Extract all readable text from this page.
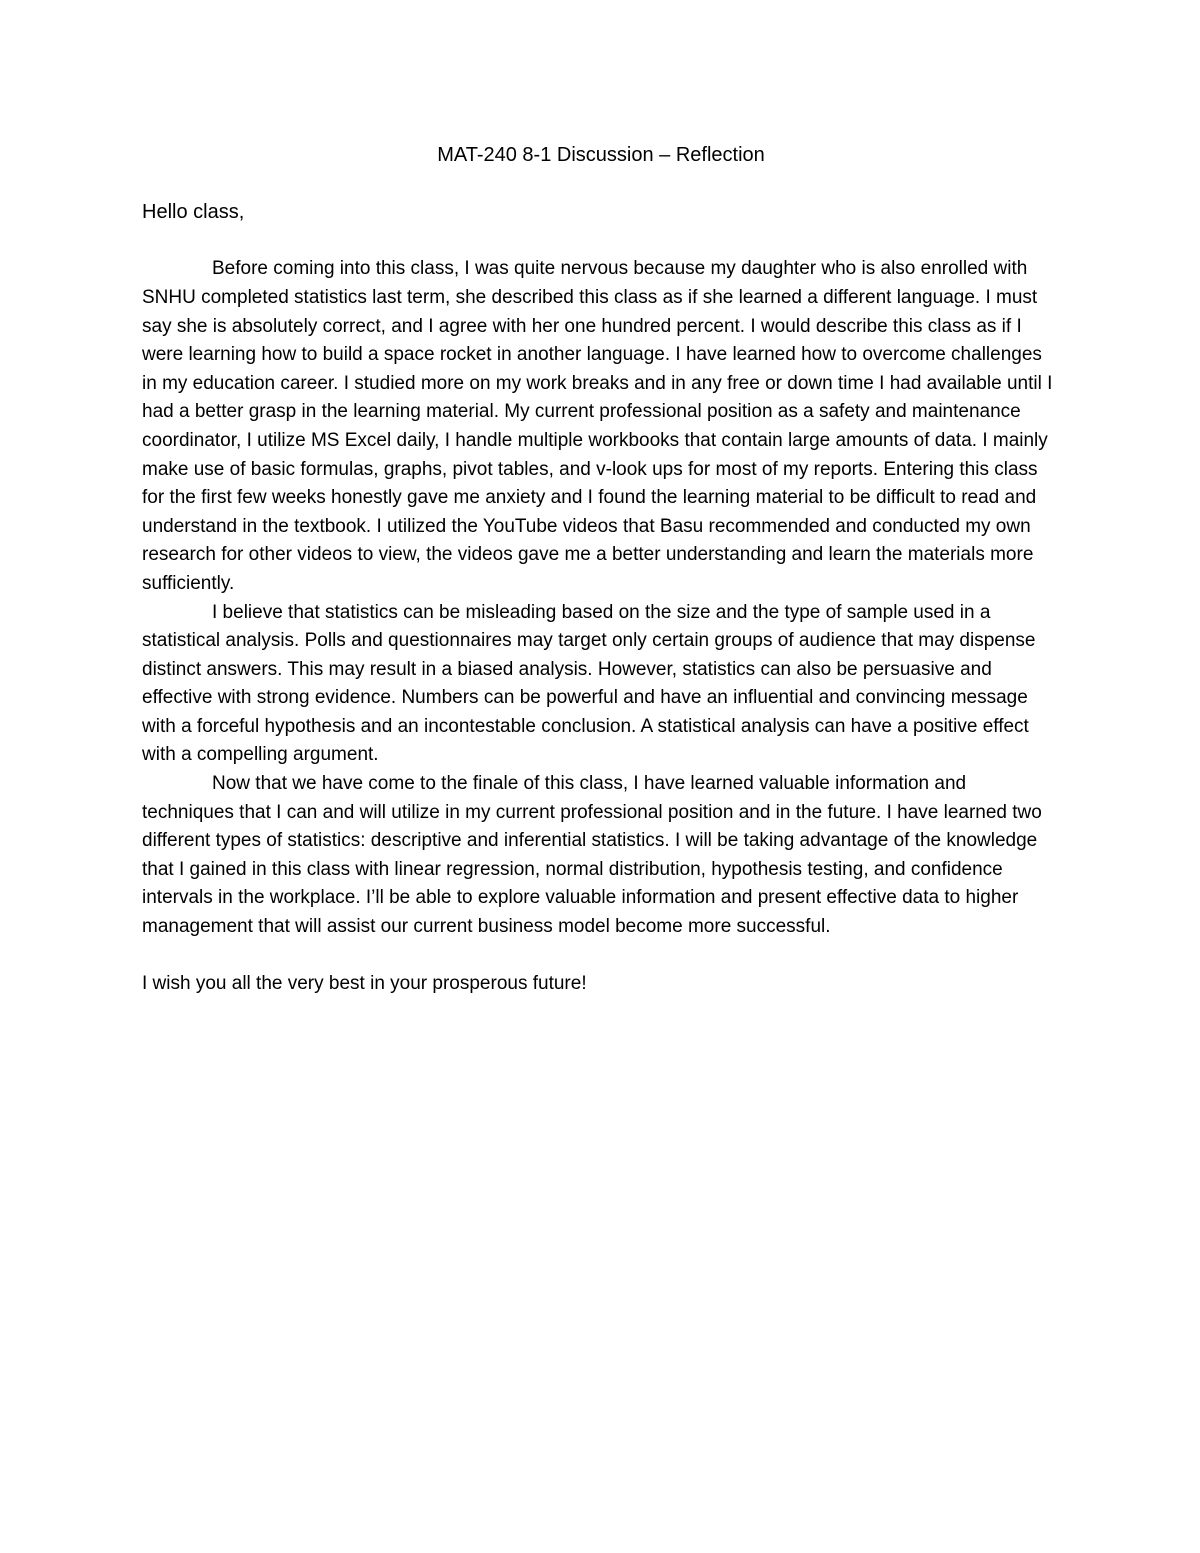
MAT-240 8-1 Discussion – Reflection

Hello class,

Before coming into this class, I was quite nervous because my daughter who is also enrolled with SNHU completed statistics last term, she described this class as if she learned a different language. I must say she is absolutely correct, and I agree with her one hundred percent. I would describe this class as if I were learning how to build a space rocket in another language. I have learned how to overcome challenges in my education career. I studied more on my work breaks and in any free or down time I had available until I had a better grasp in the learning material. My current professional position as a safety and maintenance coordinator, I utilize MS Excel daily, I handle multiple workbooks that contain large amounts of data. I mainly make use of basic formulas, graphs, pivot tables, and v-look ups for most of my reports. Entering this class for the first few weeks honestly gave me anxiety and I found the learning material to be difficult to read and understand in the textbook. I utilized the YouTube videos that Basu recommended and conducted my own research for other videos to view, the videos gave me a better understanding and learn the materials more sufficiently.

I believe that statistics can be misleading based on the size and the type of sample used in a statistical analysis. Polls and questionnaires may target only certain groups of audience that may dispense distinct answers. This may result in a biased analysis. However, statistics can also be persuasive and effective with strong evidence. Numbers can be powerful and have an influential and convincing message with a forceful hypothesis and an incontestable conclusion. A statistical analysis can have a positive effect with a compelling argument.

Now that we have come to the finale of this class, I have learned valuable information and techniques that I can and will utilize in my current professional position and in the future. I have learned two different types of statistics: descriptive and inferential statistics. I will be taking advantage of the knowledge that I gained in this class with linear regression, normal distribution, hypothesis testing, and confidence intervals in the workplace. I’ll be able to explore valuable information and present effective data to higher management that will assist our current business model become more successful.

I wish you all the very best in your prosperous future!
